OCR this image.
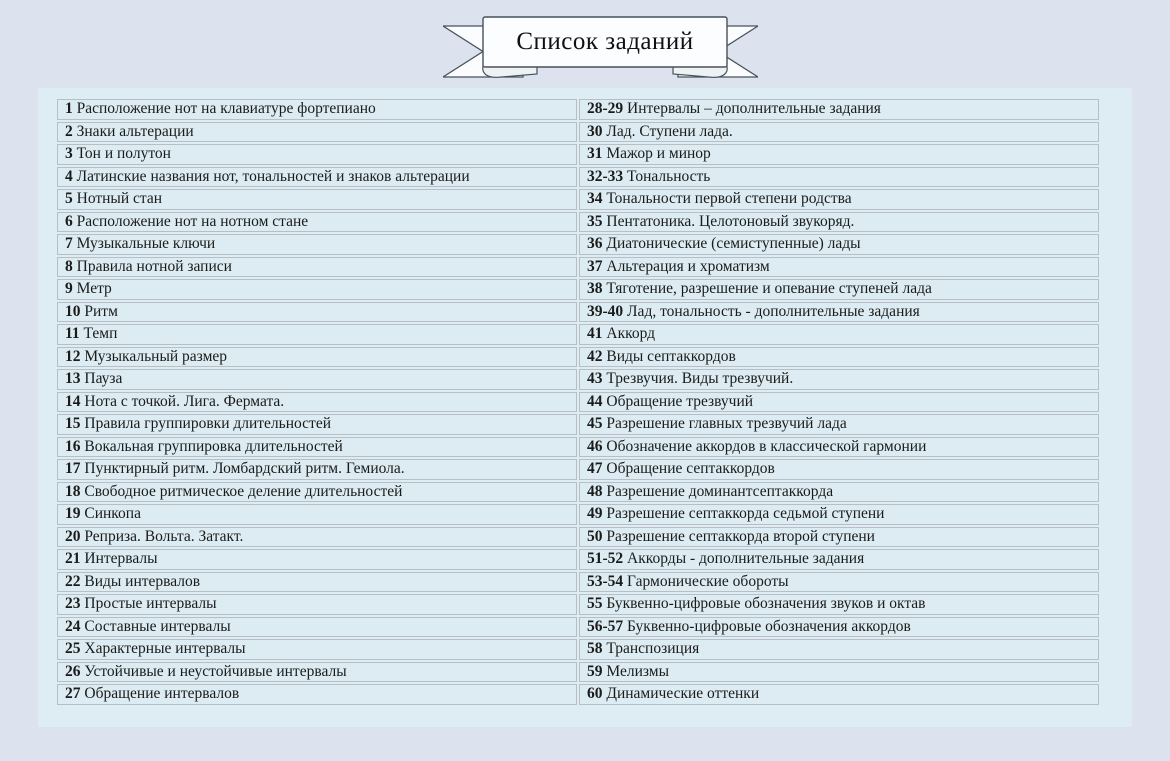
Список заданий
1 Расположение нот на клавиатуре фортепиано	28-29 Интервалы – дополнительные задания
2 Знаки альтерации	30 Лад. Ступени лада.
3 Тон и полутон	31 Мажор и минор
4 Латинские названия нот, тональностей и знаков альтерации	32-33 Тональность
5 Нотный стан	34 Тональности первой степени родства
6 Расположение нот на нотном стане	35 Пентатоника. Целотоновый звукоряд.
7 Музыкальные ключи	36 Диатонические (семиступенные) лады
8 Правила нотной записи	37 Альтерация и хроматизм
9 Метр	38 Тяготение, разрешение и опевание ступеней лада
10 Ритм	39-40 Лад, тональность - дополнительные задания
11 Темп	41 Аккорд
12 Музыкальный размер	42 Виды септаккордов
13 Пауза	43 Трезвучия. Виды трезвучий.
14 Нота с точкой. Лига. Фермата.	44 Обращение трезвучий
15 Правила группировки длительностей	45 Разрешение главных трезвучий лада
16 Вокальная группировка длительностей	46 Обозначение аккордов в классической гармонии
17 Пунктирный ритм. Ломбардский ритм. Гемиола.	47 Обращение септаккордов
18 Свободное ритмическое деление длительностей	48 Разрешение доминантсептаккорда
19 Синкопа	49 Разрешение септаккорда седьмой ступени
20 Реприза. Вольта. Затакт.	50 Разрешение септаккорда второй ступени
21 Интервалы	51-52 Аккорды - дополнительные задания
22 Виды интервалов	53-54 Гармонические обороты
23 Простые интервалы	55 Буквенно-цифровые обозначения звуков и октав
24 Составные интервалы	56-57 Буквенно-цифровые обозначения аккордов
25 Характерные интервалы	58 Транспозиция
26 Устойчивые и неустойчивые интервалы	59 Мелизмы
27 Обращение интервалов	60 Динамические оттенки
